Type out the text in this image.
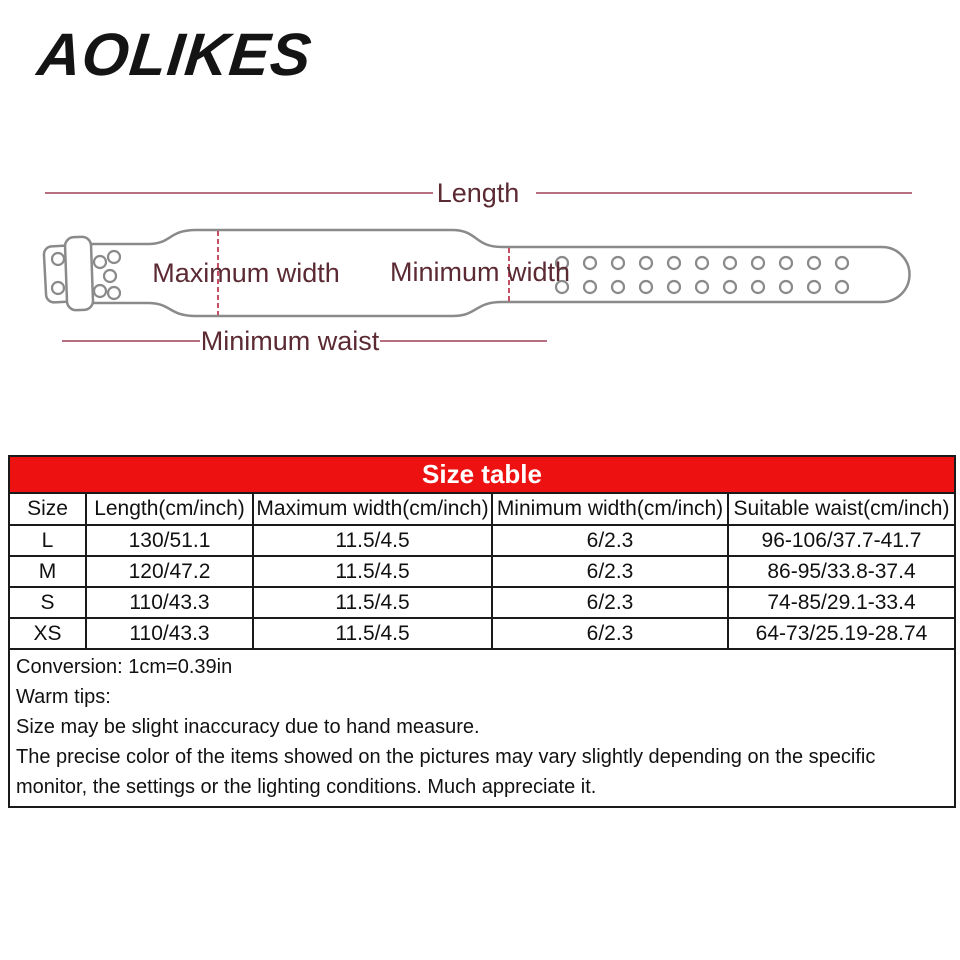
AOLIKES
Length
Maximum width Minimum width
Minimum waist
Size table
Size	Length(cm/inch)	Maximum width(cm/inch)	Minimum width(cm/inch)	Suitable waist(cm/inch)
L	130/51.1	11.5/4.5	6/2.3	96-106/37.7-41.7
M	120/47.2	11.5/4.5	6/2.3	86-95/33.8-37.4
S	110/43.3	11.5/4.5	6/2.3	74-85/29.1-33.4
XS	110/43.3	11.5/4.5	6/2.3	64-73/25.19-28.74
Conversion: 1cm=0.39in
Warm tips:
Size may be slight inaccuracy due to hand measure.
The precise color of the items showed on the pictures may vary slightly depending on the specific monitor, the settings or the lighting conditions. Much appreciate it.
